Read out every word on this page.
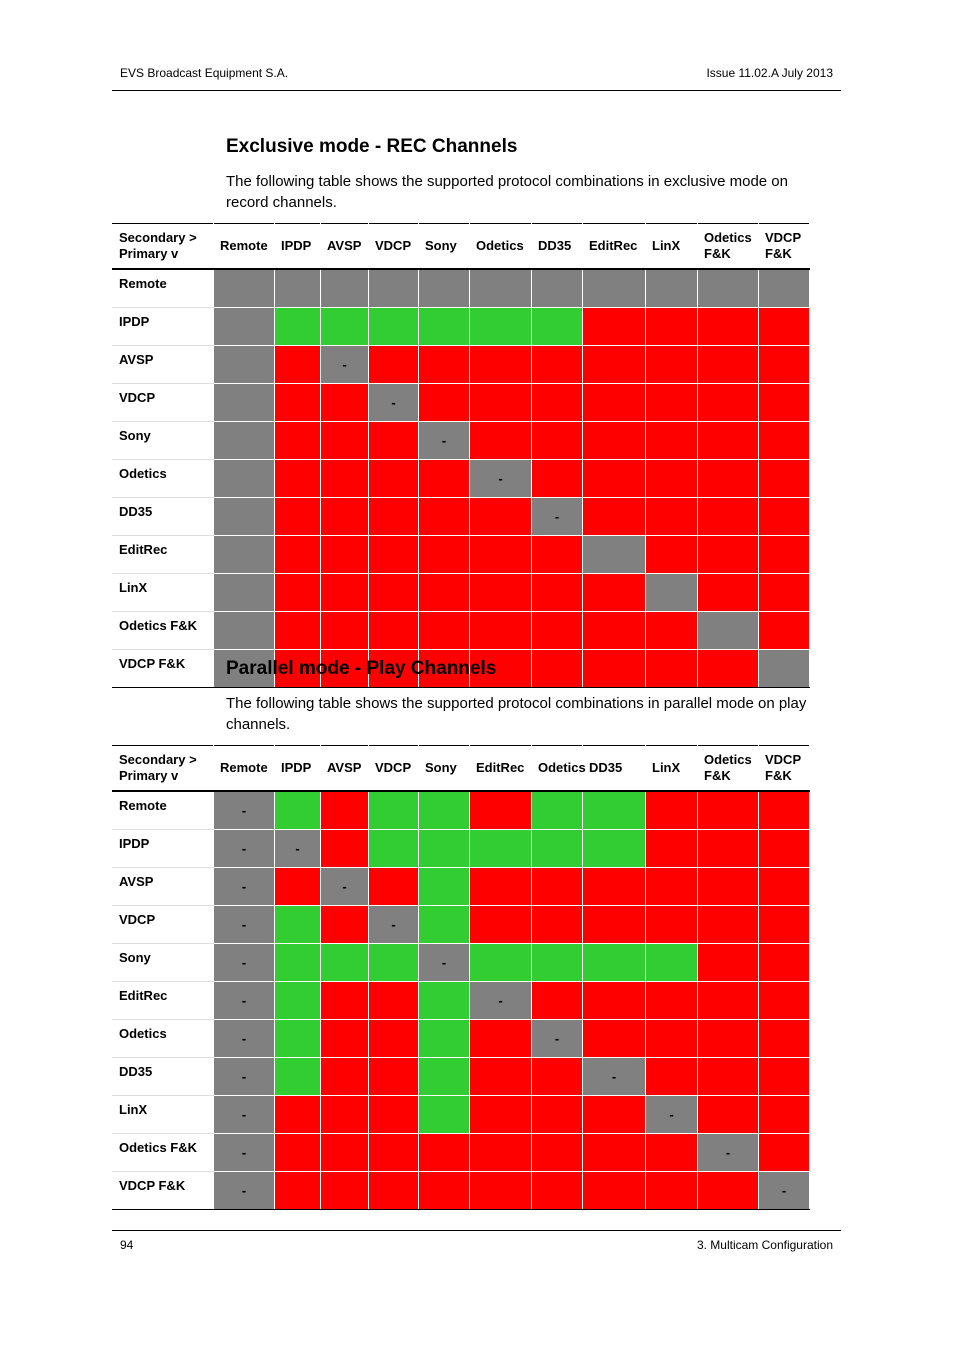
EVS Broadcast Equipment S.A.	Issue 11.02.A July 2013
Exclusive mode - REC Channels

The following table shows the supported protocol combinations in exclusive mode on record channels.

Secondary >
Primary v	Remote	IPDP	AVSP	VDCP	Sony	Odetics	DD35	EditRec	LinX	Odetics F&K	VDCP F&K
Remote											
IPDP											
AVSP			-								
VDCP				-							
Sony					-						
Odetics						-					
DD35							-				
EditRec											
LinX											
Odetics F&K											
VDCP F&K											Parallel mode - Play Channels

The following table shows the supported protocol combinations in parallel mode on play channels.

Secondary >
Primary v	Remote	IPDP	AVSP	VDCP	Sony	EditRec	Odetics	DD35	LinX	Odetics F&K	VDCP F&K
Remote	-										
IPDP	-	-									
AVSP	-		-								
VDCP	-			-							
Sony	-				-						
EditRec	-					-					
Odetics	-						-				
DD35	-							-			
LinX	-								-		
Odetics F&K	-									-	
VDCP F&K	-										-
94	3. Multicam Configuration
